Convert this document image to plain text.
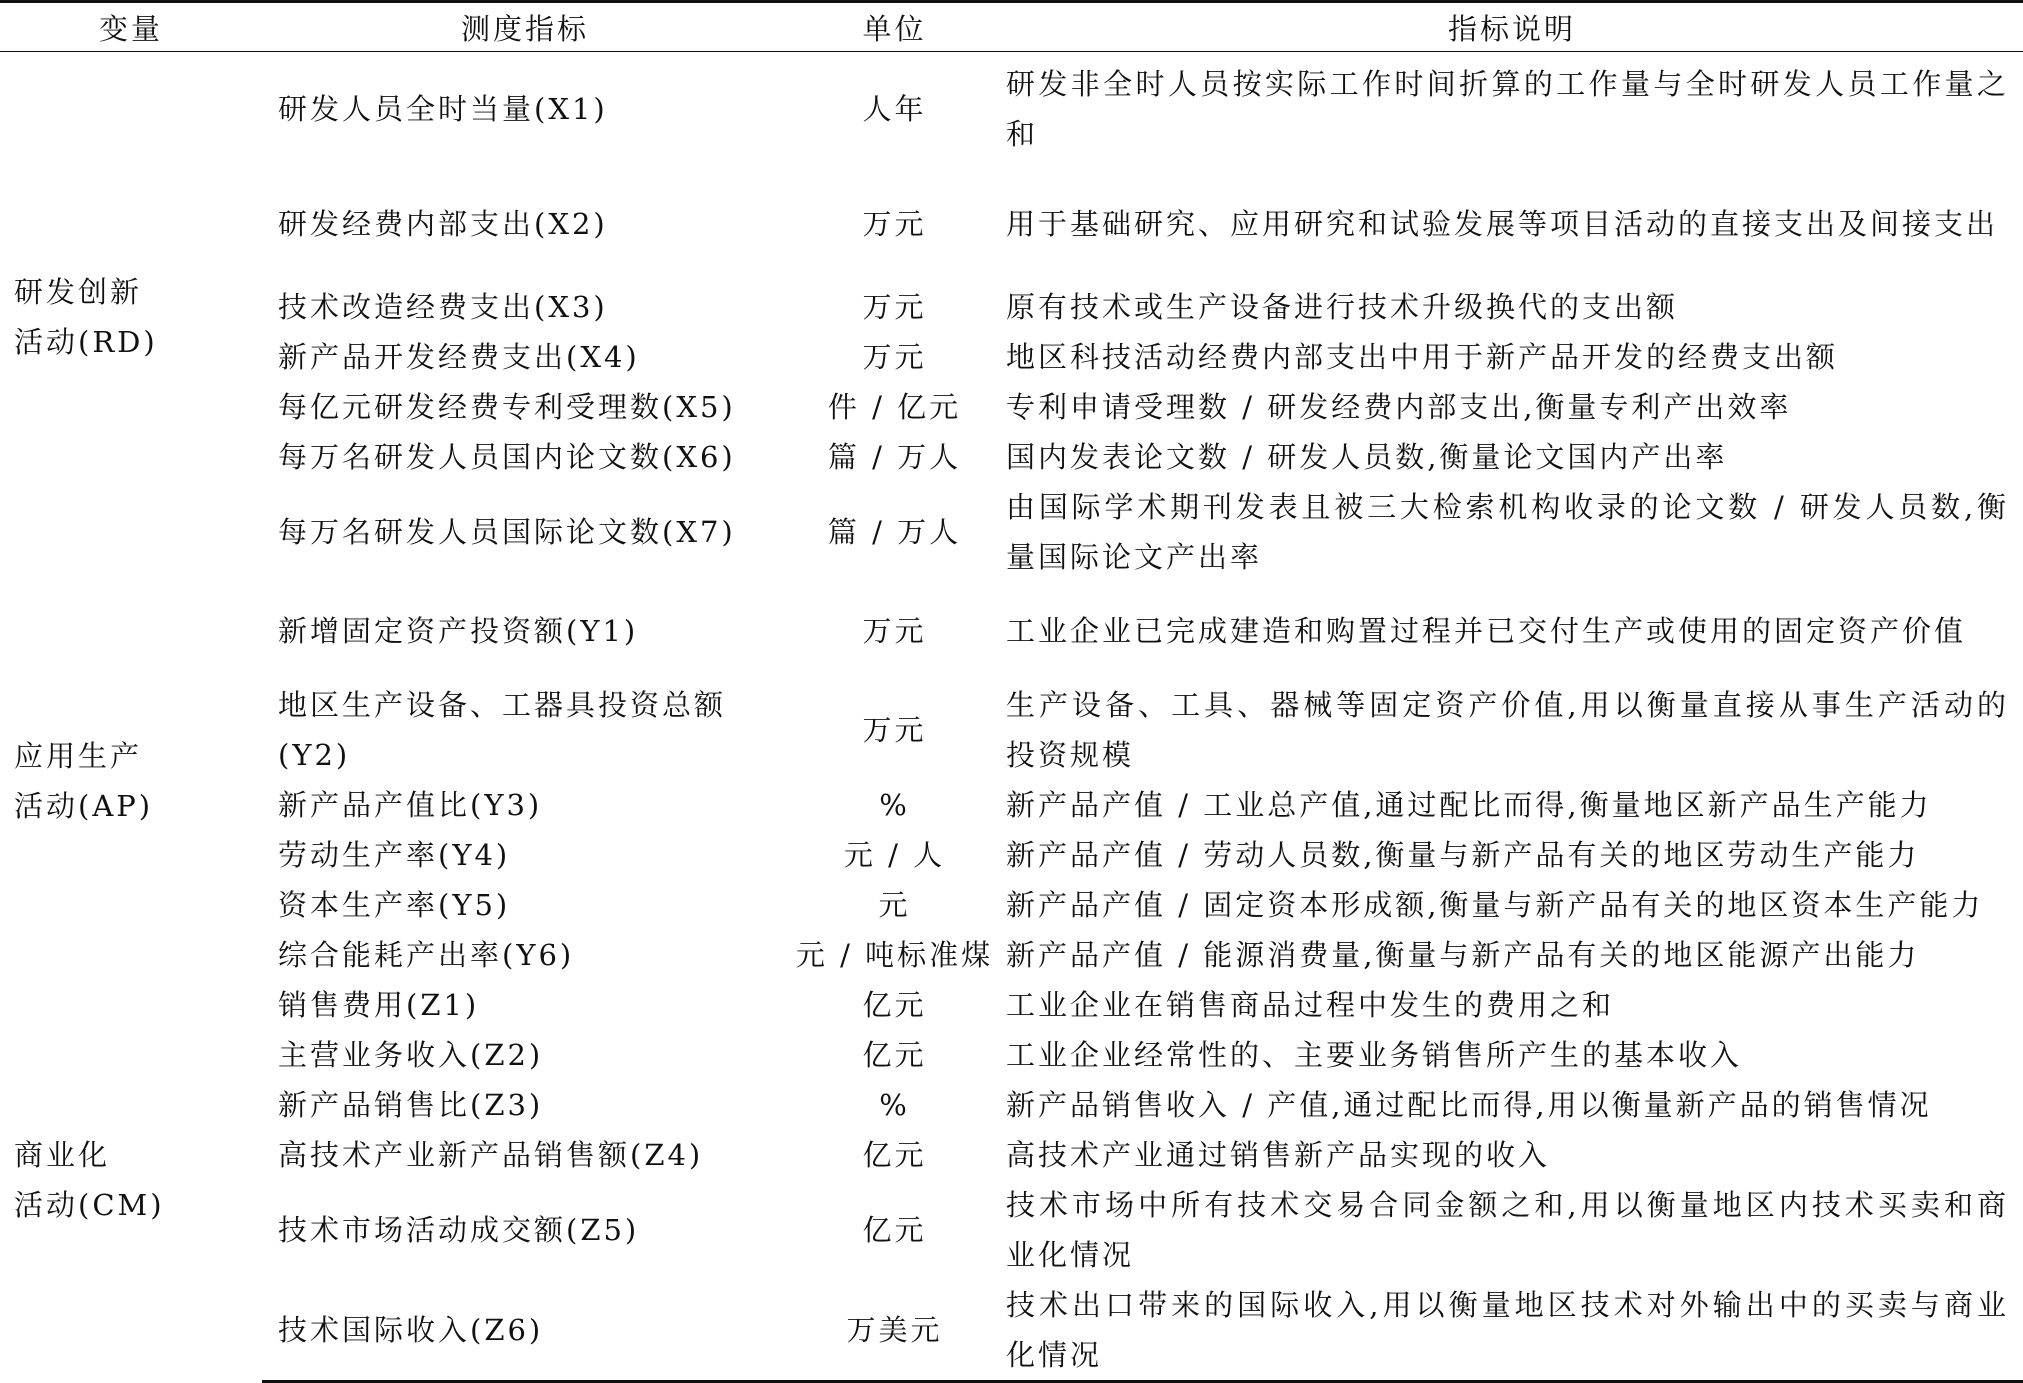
变量	测度指标	单位	指标说明

研发创新
活动(RD)	研发人员全时当量(X1)	人年	研发非全时人员按实际工作时间折算的工作量与全时研发人员工作量之和
	研发经费内部支出(X2)	万元	用于基础研究、应用研究和试验发展等项目活动的直接支出及间接支出
	技术改造经费支出(X3)	万元	原有技术或生产设备进行技术升级换代的支出额
	新产品开发经费支出(X4)	万元	地区科技活动经费内部支出中用于新产品开发的经费支出额
	每亿元研发经费专利受理数(X5)	件 / 亿元	专利申请受理数 / 研发经费内部支出,衡量专利产出效率
	每万名研发人员国内论文数(X6)	篇 / 万人	国内发表论文数 / 研发人员数,衡量论文国内产出率
	每万名研发人员国际论文数(X7)	篇 / 万人	由国际学术期刊发表且被三大检索机构收录的论文数 / 研发人员数,衡量国际论文产出率

应用生产
活动(AP)	新增固定资产投资额(Y1)	万元	工业企业已完成建造和购置过程并已交付生产或使用的固定资产价值
	地区生产设备、工器具投资总额(Y2)	万元	生产设备、工具、器械等固定资产价值,用以衡量直接从事生产活动的投资规模
	新产品产值比(Y3)	%	新产品产值 / 工业总产值,通过配比而得,衡量地区新产品生产能力
	劳动生产率(Y4)	元 / 人	新产品产值 / 劳动人员数,衡量与新产品有关的地区劳动生产能力
	资本生产率(Y5)	元	新产品产值 / 固定资本形成额,衡量与新产品有关的地区资本生产能力
	综合能耗产出率(Y6)	元 / 吨标准煤	新产品产值 / 能源消费量,衡量与新产品有关的地区能源产出能力

商业化
活动(CM)	销售费用(Z1)	亿元	工业企业在销售商品过程中发生的费用之和
	主营业务收入(Z2)	亿元	工业企业经常性的、主要业务销售所产生的基本收入
	新产品销售比(Z3)	%	新产品销售收入 / 产值,通过配比而得,用以衡量新产品的销售情况
	高技术产业新产品销售额(Z4)	亿元	高技术产业通过销售新产品实现的收入
	技术市场活动成交额(Z5)	亿元	技术市场中所有技术交易合同金额之和,用以衡量地区内技术买卖和商业化情况
	技术国际收入(Z6)	万美元	技术出口带来的国际收入,用以衡量地区技术对外输出中的买卖与商业化情况
